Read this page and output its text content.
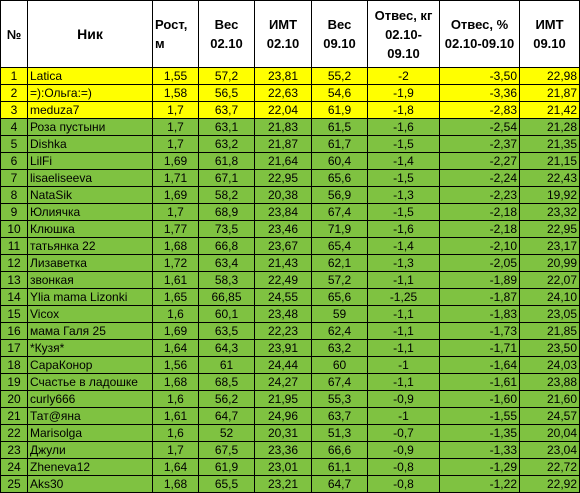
№	Ник	Рост, м	Вес 02.10	ИМТ 02.10	Вес 09.10	Отвес, кг 02.10-09.10	Отвес, % 02.10-09.10	ИМТ 09.10
1	Latica	1,55	57,2	23,81	55,2	-2	-3,50	22,98
2	=):Ольга:=)	1,58	56,5	22,63	54,6	-1,9	-3,36	21,87
3	meduza7	1,7	63,7	22,04	61,9	-1,8	-2,83	21,42
4	Роза пустыни	1,7	63,1	21,83	61,5	-1,6	-2,54	21,28
5	Dishka	1,7	63,2	21,87	61,7	-1,5	-2,37	21,35
6	LilFi	1,69	61,8	21,64	60,4	-1,4	-2,27	21,15
7	lisaeliseeva	1,71	67,1	22,95	65,6	-1,5	-2,24	22,43
8	NataSik	1,69	58,2	20,38	56,9	-1,3	-2,23	19,92
9	Юлиячка	1,7	68,9	23,84	67,4	-1,5	-2,18	23,32
10	Клюшка	1,77	73,5	23,46	71,9	-1,6	-2,18	22,95
11	татьянка 22	1,68	66,8	23,67	65,4	-1,4	-2,10	23,17
12	Лизаветка	1,72	63,4	21,43	62,1	-1,3	-2,05	20,99
13	звонкая	1,61	58,3	22,49	57,2	-1,1	-1,89	22,07
14	Ylia mama Lizonki	1,65	66,85	24,55	65,6	-1,25	-1,87	24,10
15	Vicox	1,6	60,1	23,48	59	-1,1	-1,83	23,05
16	мама Галя 25	1,69	63,5	22,23	62,4	-1,1	-1,73	21,85
17	*Кузя*	1,64	64,3	23,91	63,2	-1,1	-1,71	23,50
18	СараКонор	1,56	61	24,44	60	-1	-1,64	24,03
19	Счастье в ладошке	1,68	68,5	24,27	67,4	-1,1	-1,61	23,88
20	curly666	1,6	56,2	21,95	55,3	-0,9	-1,60	21,60
21	Тат@яна	1,61	64,7	24,96	63,7	-1	-1,55	24,57
22	Marisolga	1,6	52	20,31	51,3	-0,7	-1,35	20,04
23	Джули	1,7	67,5	23,36	66,6	-0,9	-1,33	23,04
24	Zheneva12	1,64	61,9	23,01	61,1	-0,8	-1,29	22,72
25	Aks30	1,68	65,5	23,21	64,7	-0,8	-1,22	22,92
